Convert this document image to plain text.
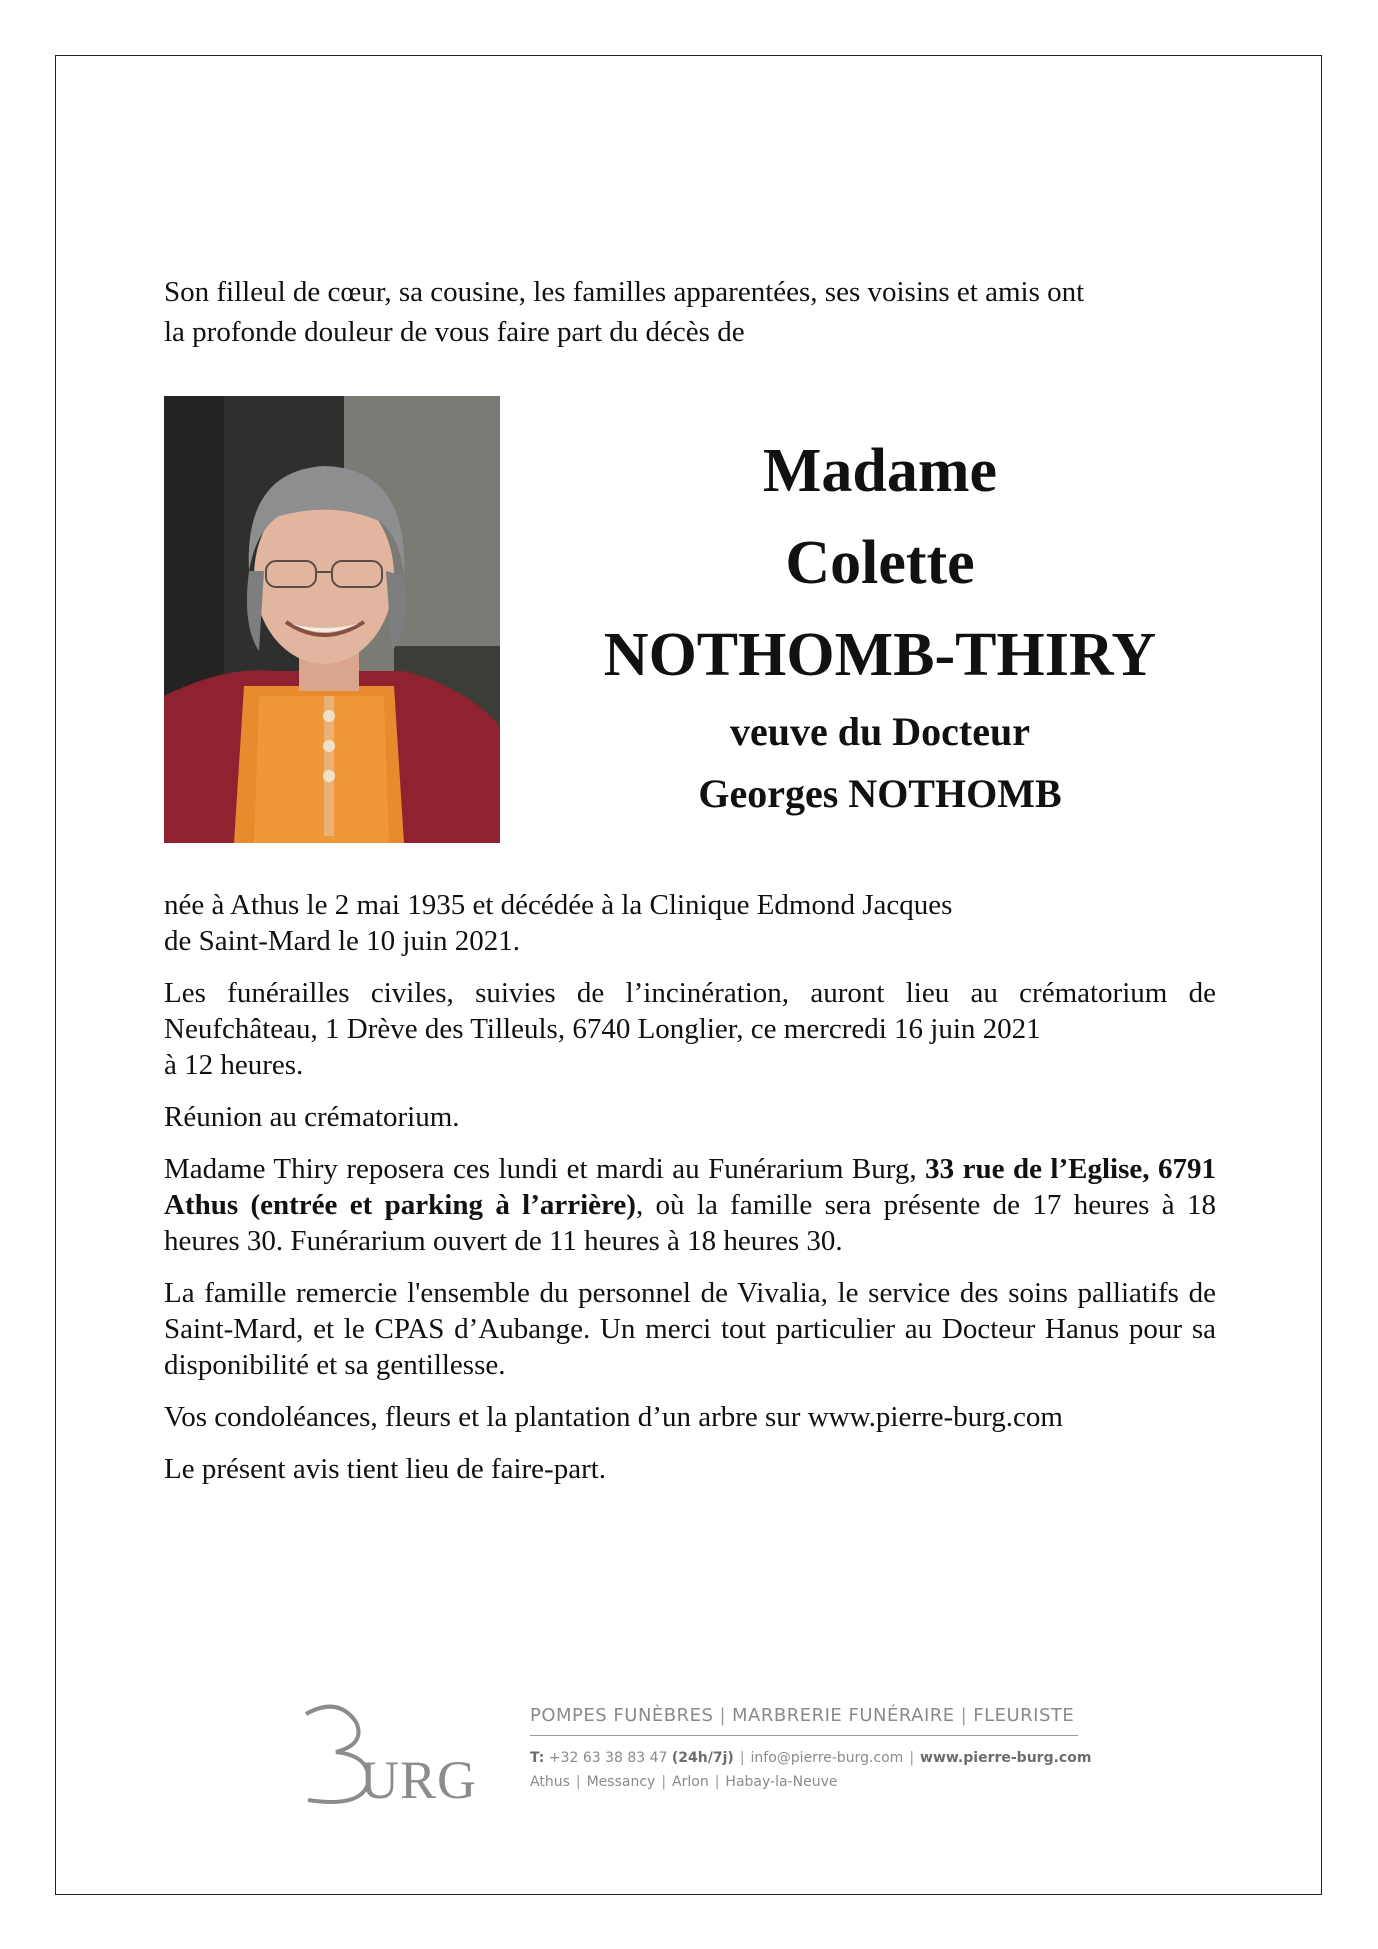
Son filleul de cœur, sa cousine, les familles apparentées, ses voisins et amis ont
la profonde douleur de vous faire part du décès de
Madame
Colette
NOTHOMB-THIRY
veuve du Docteur
Georges NOTHOMB

née à Athus le 2 mai 1935 et décédée à la Clinique Edmond Jacques
de Saint-Mard le 10 juin 2021.

Les funérailles civiles, suivies de l’incinération, auront lieu au crématorium de
Neufchâteau, 1 Drève des Tilleuls, 6740 Longlier, ce mercredi 16 juin 2021
à 12 heures.

Réunion au crématorium.

Madame Thiry reposera ces lundi et mardi au Funérarium Burg, 33 rue de l’Eglise, 6791 Athus (entrée et parking à l’arrière), où la famille sera présente de 17 heures à 18 heures 30. Funérarium ouvert de 11 heures à 18 heures 30.

La famille remercie l'ensemble du personnel de Vivalia, le service des soins palliatifs de Saint-Mard, et le CPAS d’Aubange. Un merci tout particulier au Docteur Hanus pour sa disponibilité et sa gentillesse.

Vos condoléances, fleurs et la plantation d’un arbre sur www.pierre-burg.com

Le présent avis tient lieu de faire-part.

URG
POMPES FUNÈBRES | MARBRERIE FUNÉRAIRE | FLEURISTE
T: +32 63 38 83 47 (24h/7j) | info@pierre-burg.com | www.pierre-burg.com
Athus | Messancy | Arlon | Habay-la-Neuve
